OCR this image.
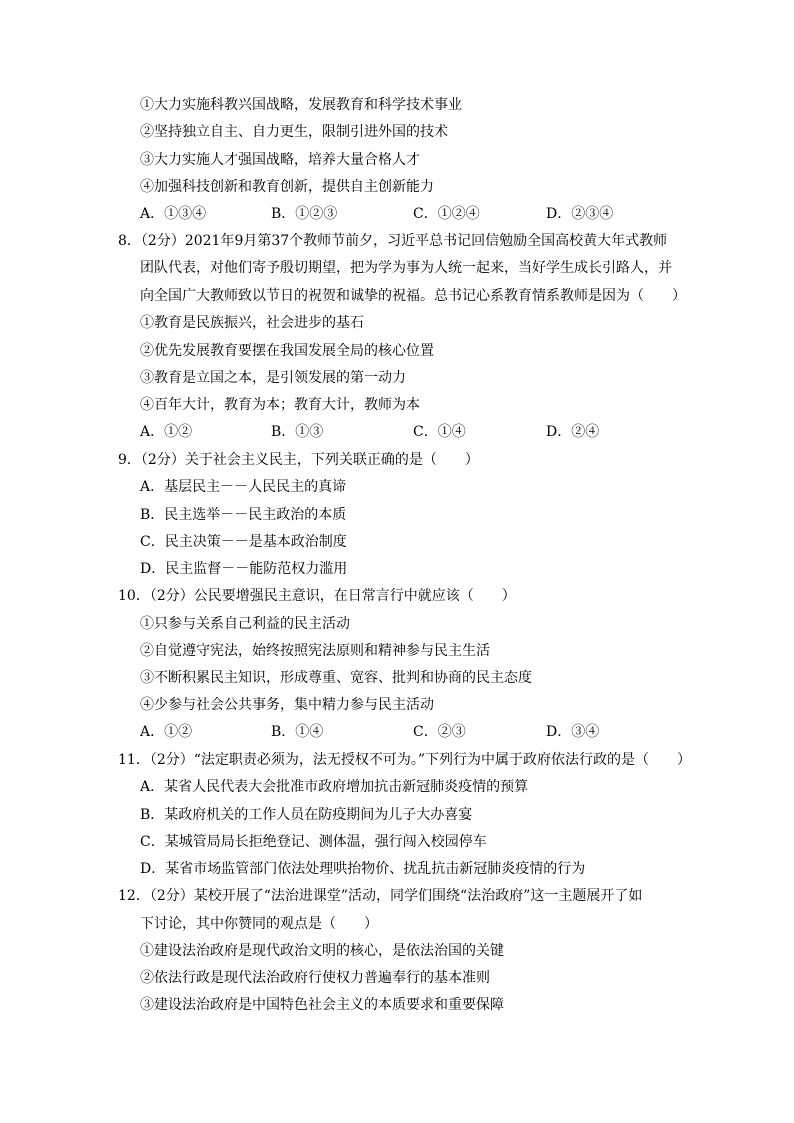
①大力实施科教兴国战略，发展教育和科学技术事业
②坚持独立自主、自力更生，限制引进外国的技术
③大力实施人才强国战略，培养大量合格人才
④加强科技创新和教育创新，提供自主创新能力
A．①③④	B．①②③	C．①②④	D．②③④
8．（2分）2021年9月第37个教师节前夕，习近平总书记回信勉励全国高校黄大年式教师
团队代表，对他们寄予殷切期望，把为学为事为人统一起来，当好学生成长引路人，并
向全国广大教师致以节日的祝贺和诚挚的祝福。总书记心系教育情系教师是因为（　　）
①教育是民族振兴，社会进步的基石
②优先发展教育要摆在我国发展全局的核心位置
③教育是立国之本，是引领发展的第一动力
④百年大计，教育为本；教育大计，教师为本
A．①②	B．①③	C．①④	D．②④
9．（2分）关于社会主义民主，下列关联正确的是（　　）
A．基层民主－－人民民主的真谛
B．民主选举－－民主政治的本质
C．民主决策－－是基本政治制度
D．民主监督－－能防范权力滥用
10．（2分）公民要增强民主意识，在日常言行中就应该（　　）
①只参与关系自己利益的民主活动
②自觉遵守宪法，始终按照宪法原则和精神参与民主生活
③不断积累民主知识，形成尊重、宽容、批判和协商的民主态度
④少参与社会公共事务，集中精力参与民主活动
A．①②	B．①④	C．②③	D．③④
11．（2分）“法定职责必须为，法无授权不可为。”下列行为中属于政府依法行政的是（　　）
A．某省人民代表大会批准市政府增加抗击新冠肺炎疫情的预算
B．某政府机关的工作人员在防疫期间为儿子大办喜宴
C．某城管局局长拒绝登记、测体温，强行闯入校园停车
D．某省市场监管部门依法处理哄抬物价、扰乱抗击新冠肺炎疫情的行为
12．（2分）某校开展了“法治进课堂”活动，同学们围绕“法治政府”这一主题展开了如
下讨论，其中你赞同的观点是（　　）
①建设法治政府是现代政治文明的核心，是依法治国的关键
②依法行政是现代法治政府行使权力普遍奉行的基本准则
③建设法治政府是中国特色社会主义的本质要求和重要保障
